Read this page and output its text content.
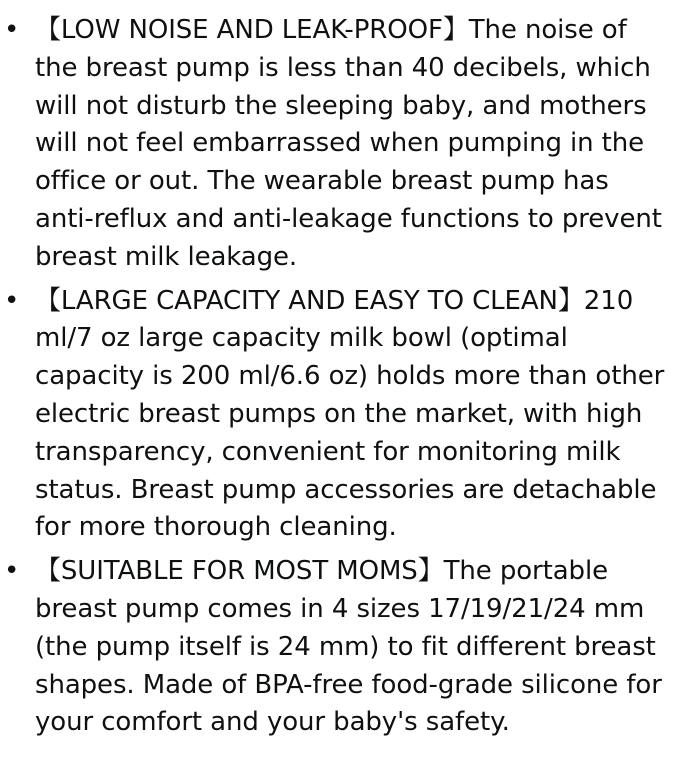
• 【LOW NOISE AND LEAK-PROOF】The noise of the breast pump is less than 40 decibels, which will not disturb the sleeping baby, and mothers will not feel embarrassed when pumping in the office or out. The wearable breast pump has anti-reflux and anti-leakage functions to prevent breast milk leakage.
• 【LARGE CAPACITY AND EASY TO CLEAN】210 ml/7 oz large capacity milk bowl (optimal capacity is 200 ml/6.6 oz) holds more than other electric breast pumps on the market, with high transparency, convenient for monitoring milk status. Breast pump accessories are detachable for more thorough cleaning.
• 【SUITABLE FOR MOST MOMS】The portable breast pump comes in 4 sizes 17/19/21/24 mm (the pump itself is 24 mm) to fit different breast shapes. Made of BPA-free food-grade silicone for your comfort and your baby's safety.
